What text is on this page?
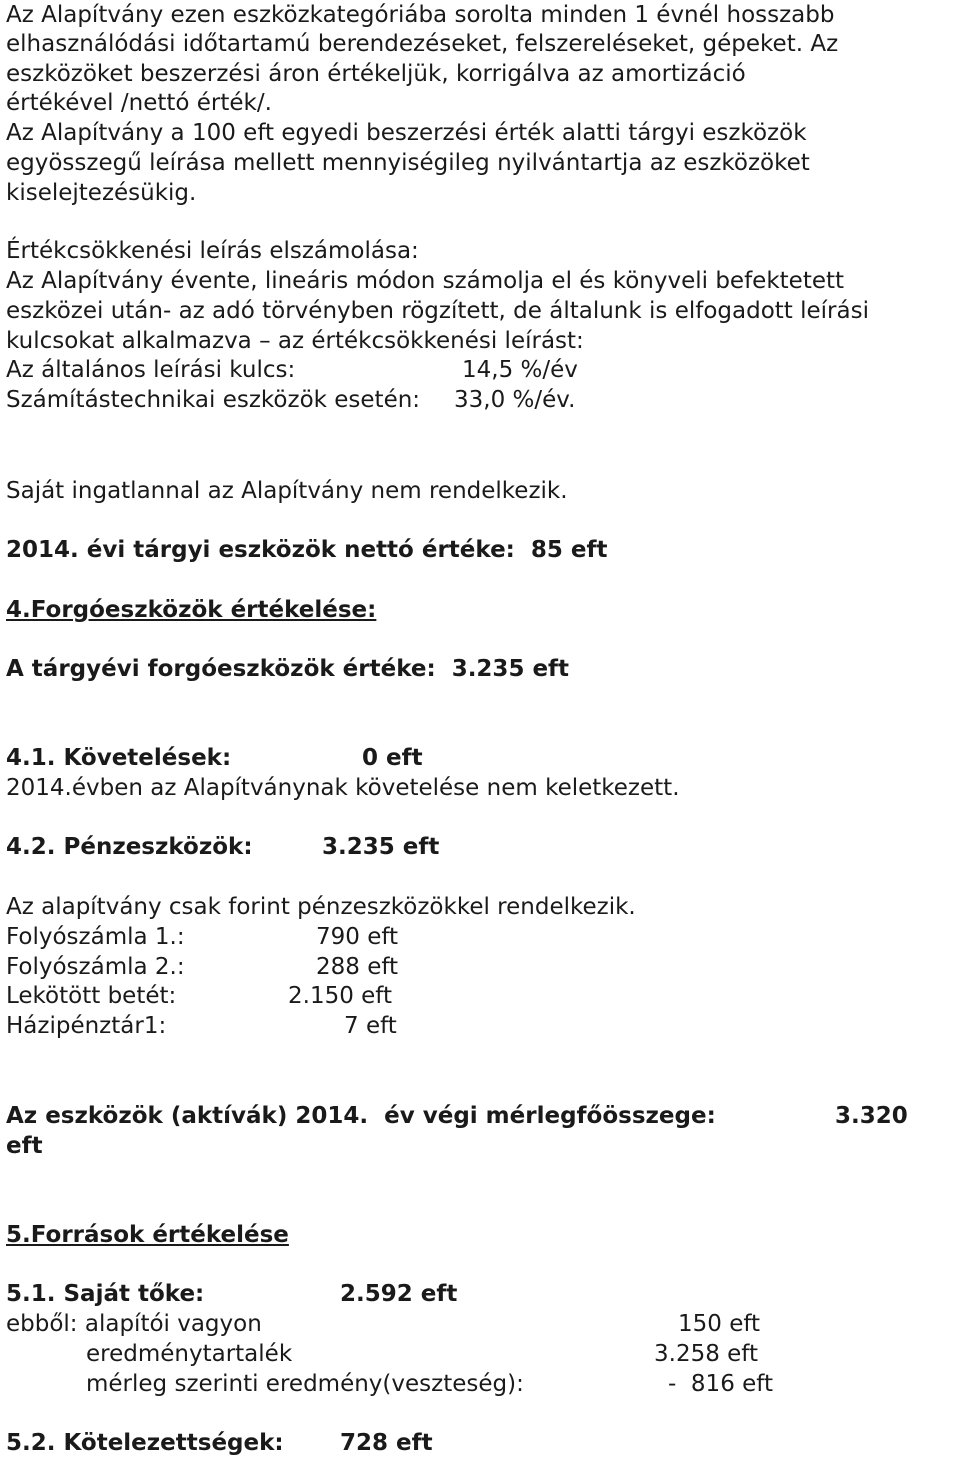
Az Alapítvány ezen eszközkategóriába sorolta minden 1 évnél hosszabb
elhasználódási időtartamú berendezéseket, felszereléseket, gépeket. Az
eszközöket beszerzési áron értékeljük, korrigálva az amortizáció
értékével /nettó érték/.
Az Alapítvány a 100 eft egyedi beszerzési érték alatti tárgyi eszközök
egyösszegű leírása mellett mennyiségileg nyilvántartja az eszközöket
kiselejtezésükig.
Értékcsökkenési leírás elszámolása:
Az Alapítvány évente, lineáris módon számolja el és könyveli befektetett
eszközei után- az adó törvényben rögzített, de általunk is elfogadott leírási
kulcsokat alkalmazva – az értékcsökkenési leírást:
Az általános leírási kulcs:	14,5 %/év
Számítástechnikai eszközök esetén: 33,0 %/év.
Saját ingatlannal az Alapítvány nem rendelkezik.
2014. évi tárgyi eszközök nettó értéke:  85 eft
4.Forgóeszközök értékelése:
A tárgyévi forgóeszközök értéke:  3.235 eft
4.1. Követelések:	0 eft
2014.évben az Alapítványnak követelése nem keletkezett.
4.2. Pénzeszközök:	3.235 eft
Az alapítvány csak forint pénzeszközökkel rendelkezik.
Folyószámla 1.:	790 eft
Folyószámla 2.:	288 eft
Lekötött betét:	2.150 eft
Házipénztár1:	7 eft
Az eszközök (aktívák) 2014.  év végi mérlegfőösszege:	3.320
eft
5.Források értékelése
5.1. Saját tőke:	2.592 eft
ebből: alapítói vagyon	150 eft
eredménytartalék	3.258 eft
mérleg szerinti eredmény(veszteség):	-  816 eft
5.2. Kötelezettségek: 728 eft
